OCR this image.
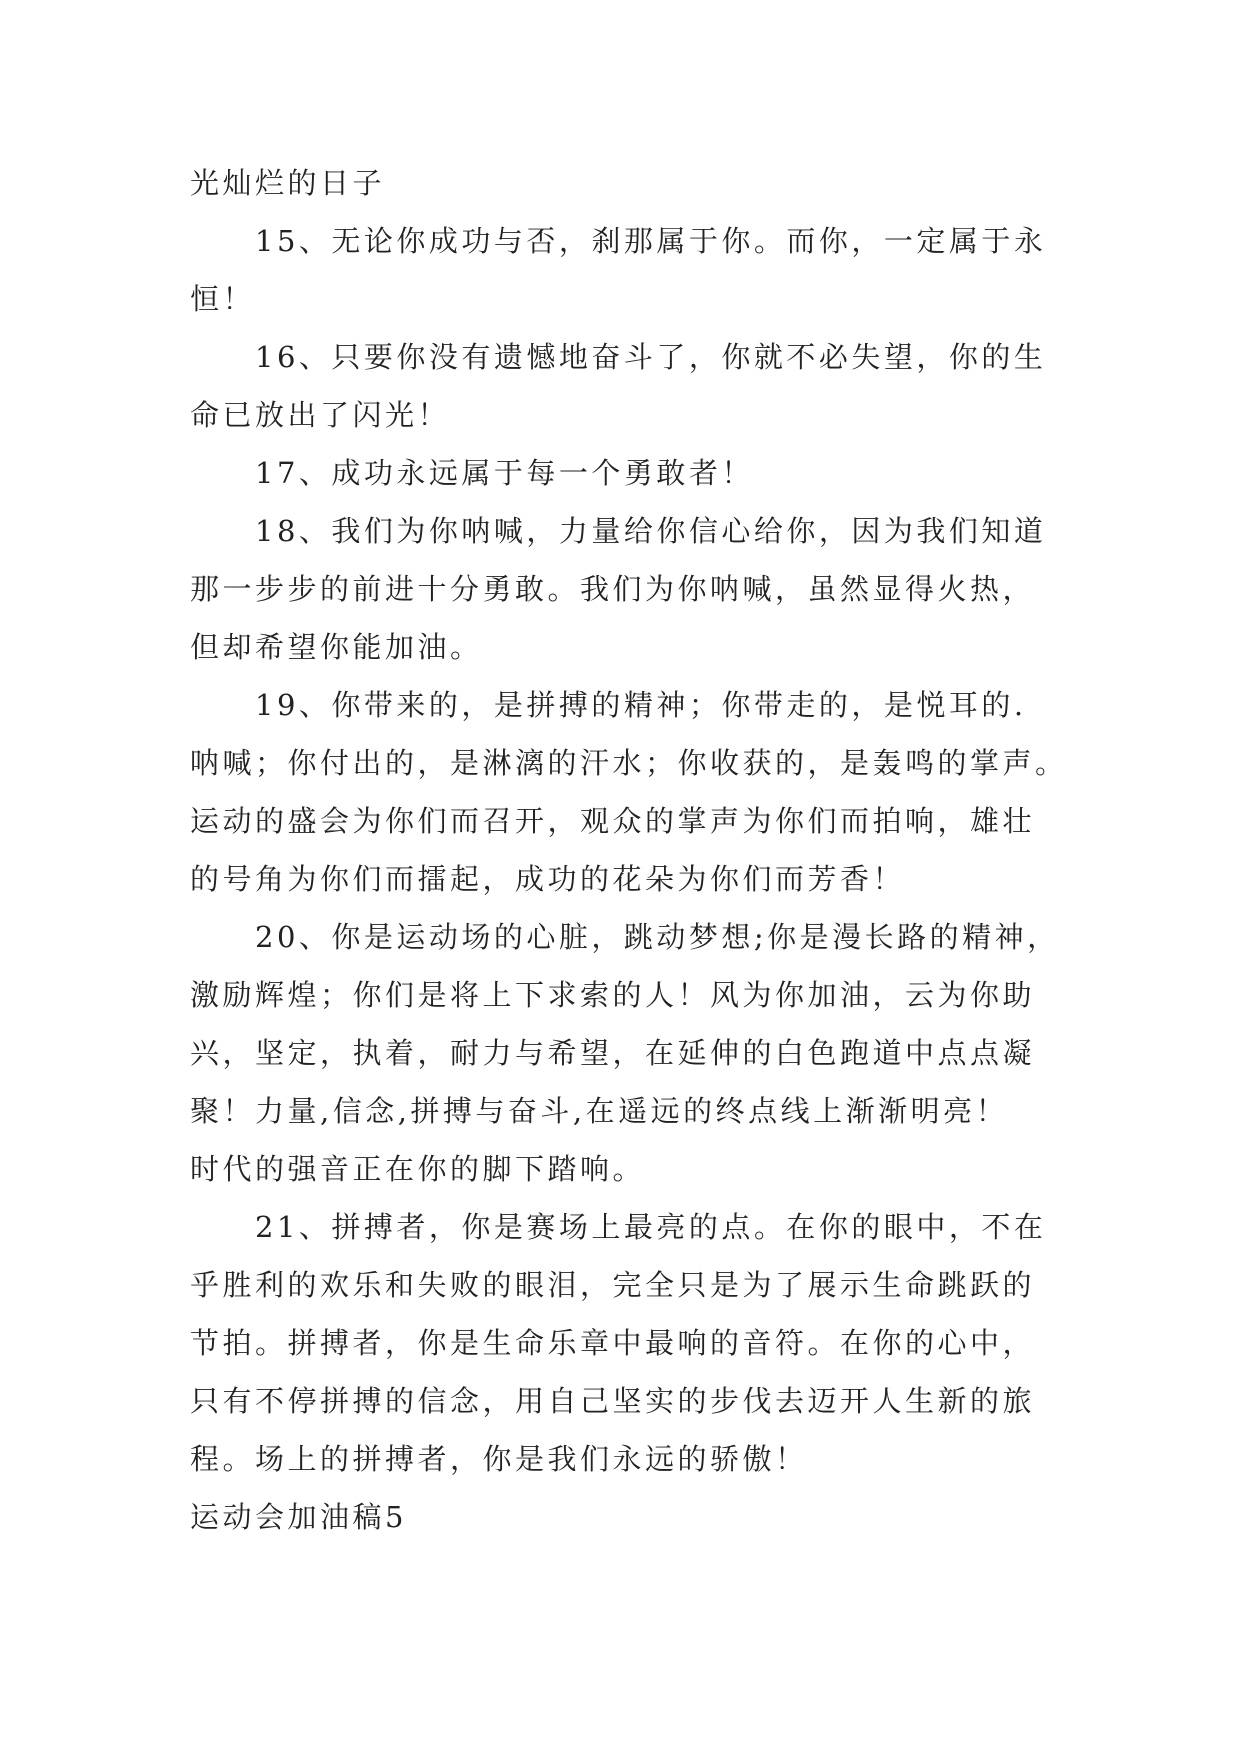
光灿烂的日子
15、无论你成功与否，刹那属于你。而你，一定属于永
恒！
16、只要你没有遗憾地奋斗了，你就不必失望，你的生
命已放出了闪光！
17、成功永远属于每一个勇敢者！
18、我们为你呐喊，力量给你信心给你，因为我们知道
那一步步的前进十分勇敢。我们为你呐喊，虽然显得火热，
但却希望你能加油。
19、你带来的，是拼搏的精神；你带走的，是悦耳的.
呐喊；你付出的，是淋漓的汗水；你收获的，是轰鸣的掌声。
运动的盛会为你们而召开，观众的掌声为你们而拍响，雄壮
的号角为你们而擂起，成功的花朵为你们而芳香！
20、你是运动场的心脏，跳动梦想;你是漫长路的精神，
激励辉煌；你们是将上下求索的人！风为你加油，云为你助
兴，坚定，执着，耐力与希望，在延伸的白色跑道中点点凝
聚！力量,信念,拼搏与奋斗,在遥远的终点线上渐渐明亮！
时代的强音正在你的脚下踏响。
21、拼搏者，你是赛场上最亮的点。在你的眼中，不在
乎胜利的欢乐和失败的眼泪，完全只是为了展示生命跳跃的
节拍。拼搏者，你是生命乐章中最响的音符。在你的心中，
只有不停拼搏的信念，用自己坚实的步伐去迈开人生新的旅
程。场上的拼搏者，你是我们永远的骄傲！
运动会加油稿5
